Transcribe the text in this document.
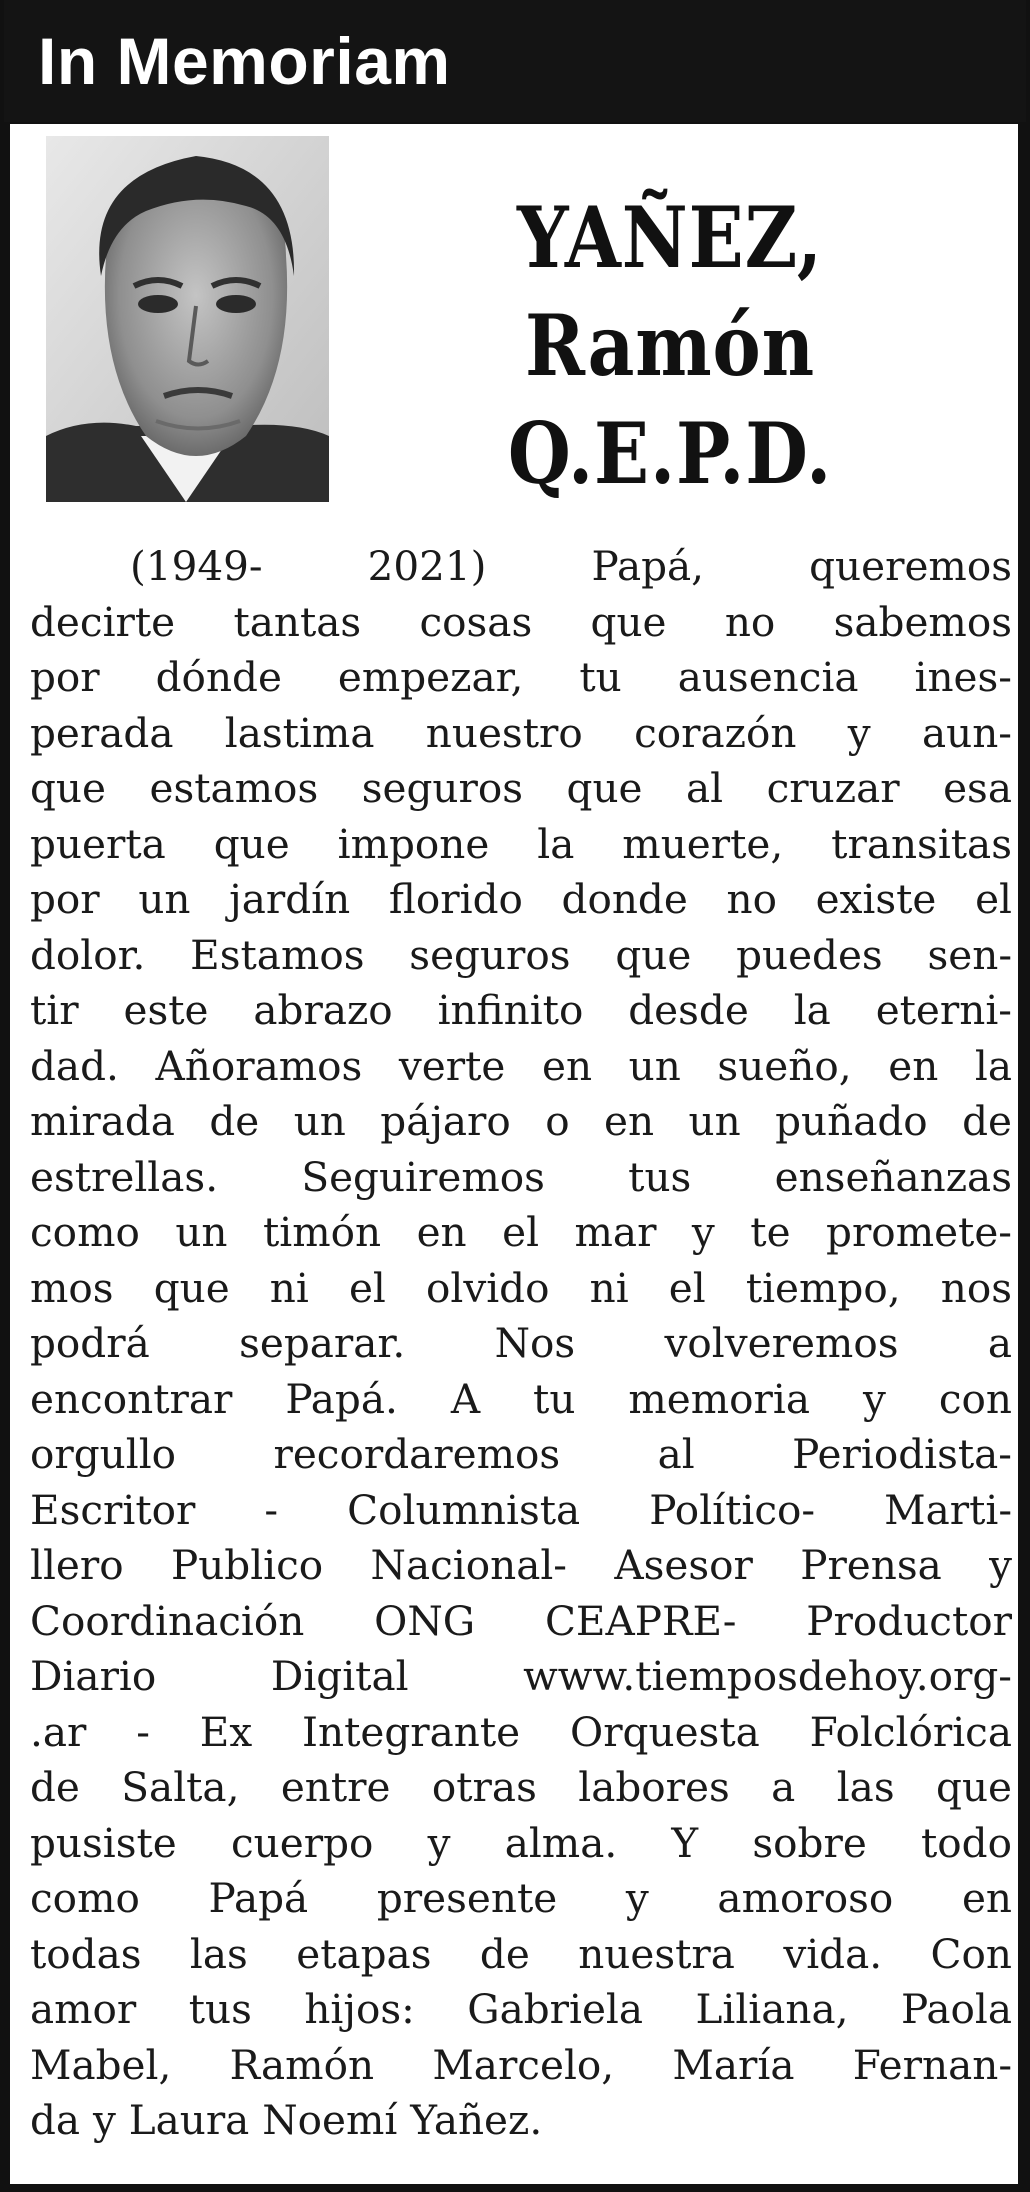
In Memoriam
YAÑEZ, Ramón
Q.E.P.D.
(1949- 2021) Papá, queremos
decirte tantas cosas que no sabemos
por dónde empezar, tu ausencia ines-
perada lastima nuestro corazón y aun-
que estamos seguros que al cruzar esa
puerta que impone la muerte, transitas
por un jardín florido donde no existe el
dolor. Estamos seguros que puedes sen-
tir este abrazo infinito desde la eterni-
dad. Añoramos verte en un sueño, en la
mirada de un pájaro o en un puñado de
estrellas. Seguiremos tus enseñanzas
como un timón en el mar y te promete-
mos que ni el olvido ni el tiempo, nos
podrá separar. Nos volveremos a
encontrar Papá. A tu memoria y con
orgullo recordaremos al Periodista-
Escritor - Columnista Político- Marti-
llero Publico Nacional- Asesor Prensa y
Coordinación ONG CEAPRE- Productor
Diario Digital www.tiemposdehoy.org-
.ar - Ex Integrante Orquesta Folclórica
de Salta, entre otras labores a las que
pusiste cuerpo y alma. Y sobre todo
como Papá presente y amoroso en
todas las etapas de nuestra vida. Con
amor tus hijos: Gabriela Liliana, Paola
Mabel, Ramón Marcelo, María Fernan-
da y Laura Noemí Yañez.
